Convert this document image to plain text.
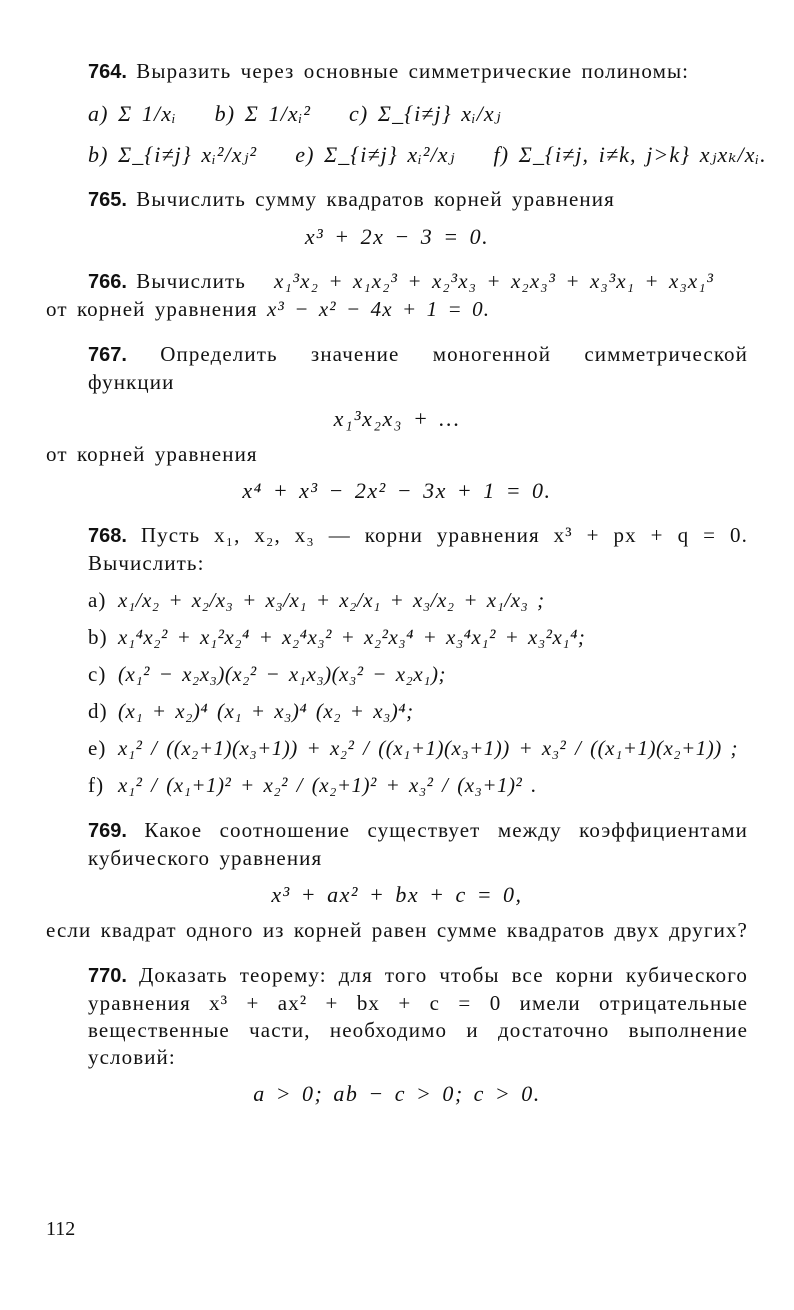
764. Выразить через основные симметрические полиномы:

a) Σ 1/xᵢ b) Σ 1/xᵢ² c) Σ_{i≠j} xᵢ/xⱼ
b) Σ_{i≠j} xᵢ²/xⱼ² e) Σ_{i≠j} xᵢ²/xⱼ f) Σ_{i≠j, i≠k, j>k} xⱼxₖ/xᵢ.

765. Вычислить сумму квадратов корней уравнения

x³ + 2x − 3 = 0.

766. Вычислить x₁³x₂ + x₁x₂³ + x₂³x₃ + x₂x₃³ + x₃³x₁ + x₃x₁³

от корней уравнения x³ − x² − 4x + 1 = 0.

767. Определить значение моногенной симметрической функции

x₁³x₂x₃ + …

от корней уравнения

x⁴ + x³ − 2x² − 3x + 1 = 0.

768. Пусть x₁, x₂, x₃ — корни уравнения x³ + px + q = 0. Вычислить:

a) x₁/x₂ + x₂/x₃ + x₃/x₁ + x₂/x₁ + x₃/x₂ + x₁/x₃ ;
b) x₁⁴x₂² + x₁²x₂⁴ + x₂⁴x₃² + x₂²x₃⁴ + x₃⁴x₁² + x₃²x₁⁴;
c) (x₁² − x₂x₃)(x₂² − x₁x₃)(x₃² − x₂x₁);
d) (x₁ + x₂)⁴ (x₁ + x₃)⁴ (x₂ + x₃)⁴;
e) x₁² / ((x₂+1)(x₃+1)) + x₂² / ((x₁+1)(x₃+1)) + x₃² / ((x₁+1)(x₂+1)) ;
f) x₁² / (x₁+1)² + x₂² / (x₂+1)² + x₃² / (x₃+1)² .

769. Какое соотношение существует между коэффициентами кубического уравнения

x³ + ax² + bx + c = 0,

если квадрат одного из корней равен сумме квадратов двух других?

770. Доказать теорему: для того чтобы все корни кубического уравнения x³ + ax² + bx + c = 0 имели отрицательные вещественные части, необходимо и достаточно выполнение условий:

a > 0; ab − c > 0; c > 0.
112
